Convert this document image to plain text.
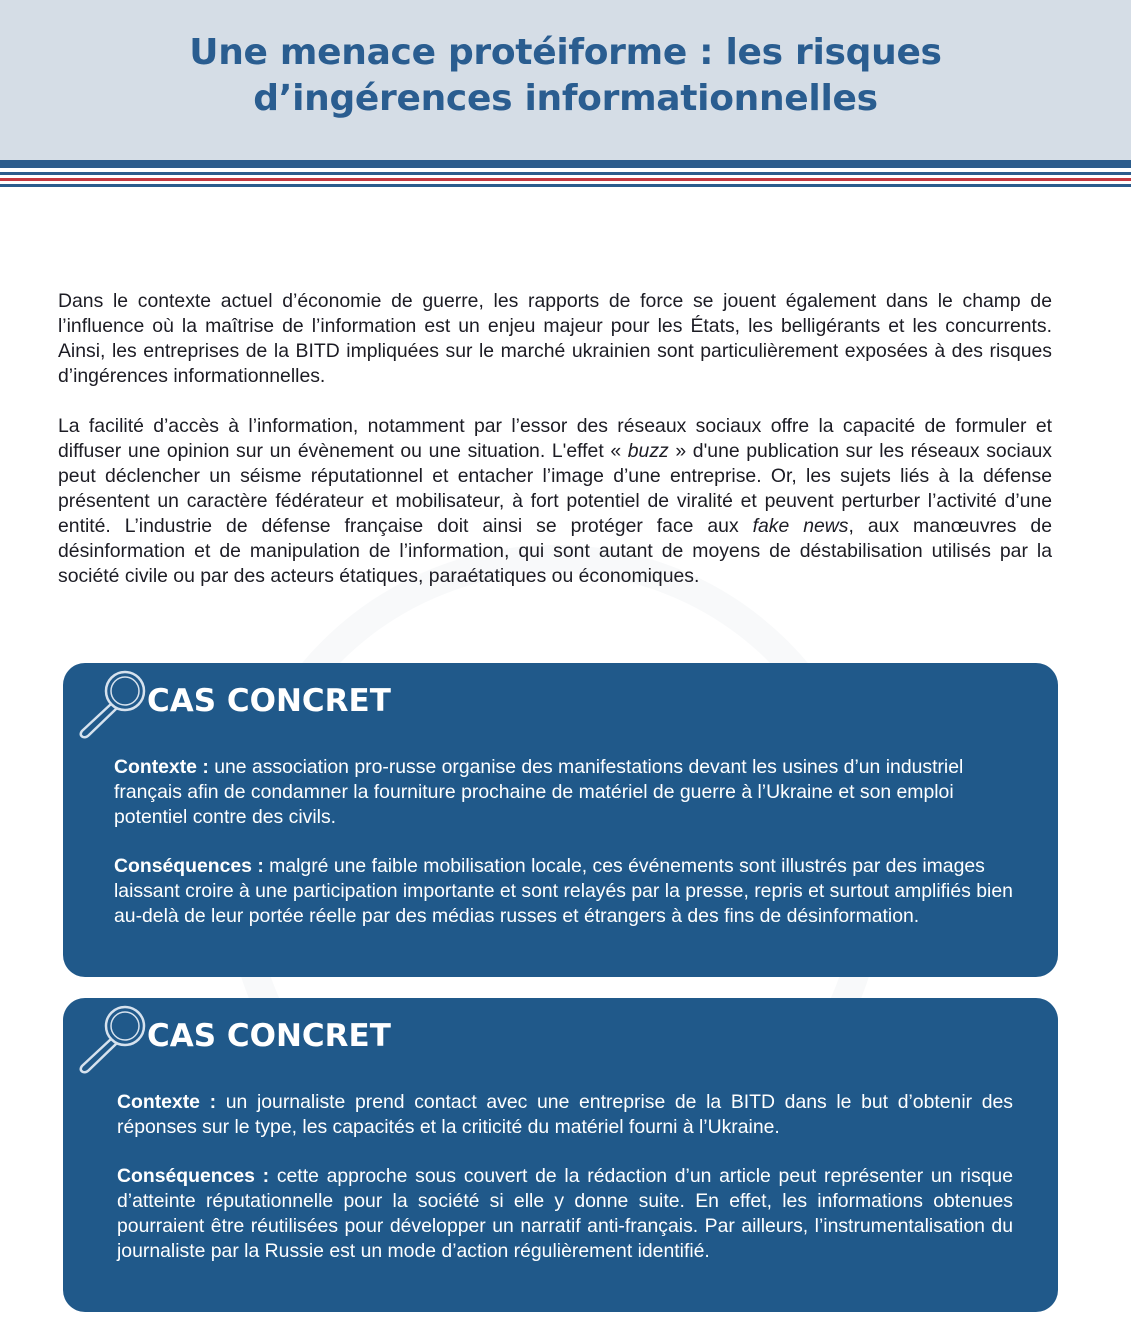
Une menace protéiforme : les risques
d’ingérences informationnelles

Dans le contexte actuel d’économie de guerre, les rapports de force se jouent également dans le champ de l’influence où la maîtrise de l’information est un enjeu majeur pour les États, les belligérants et les concurrents. Ainsi, les entreprises de la BITD impliquées sur le marché ukrainien sont particulièrement exposées à des risques d’ingérences informationnelles.

La facilité d’accès à l’information, notamment par l’essor des réseaux sociaux offre la capacité de formuler et diffuser une opinion sur un évènement ou une situation. L'effet « buzz » d'une publication sur les réseaux sociaux peut déclencher un séisme réputationnel et entacher l’image d’une entreprise. Or, les sujets liés à la défense présentent un caractère fédérateur et mobilisateur, à fort potentiel de viralité et peuvent perturber l’activité d’une entité. L’industrie de défense française doit ainsi se protéger face aux fake news, aux manœuvres de désinformation et de manipulation de l’information, qui sont autant de moyens de déstabilisation utilisés par la société civile ou par des acteurs étatiques, paraétatiques ou économiques.

CAS CONCRET

Contexte : une association pro-russe organise des manifestations devant les usines d’un industriel français afin de condamner la fourniture prochaine de matériel de guerre à l’Ukraine et son emploi potentiel contre des civils.

Conséquences : malgré une faible mobilisation locale, ces événements sont illustrés par des images laissant croire à une participation importante et sont relayés par la presse, repris et surtout amplifiés bien au-delà de leur portée réelle par des médias russes et étrangers à des fins de désinformation.

CAS CONCRET

Contexte : un journaliste prend contact avec une entreprise de la BITD dans le but d’obtenir des réponses sur le type, les capacités et la criticité du matériel fourni à l’Ukraine.

Conséquences : cette approche sous couvert de la rédaction d’un article peut représenter un risque d’atteinte réputationnelle pour la société si elle y donne suite. En effet, les informations obtenues pourraient être réutilisées pour développer un narratif anti-français. Par ailleurs, l’instrumentalisation du journaliste par la Russie est un mode d’action régulièrement identifié.
